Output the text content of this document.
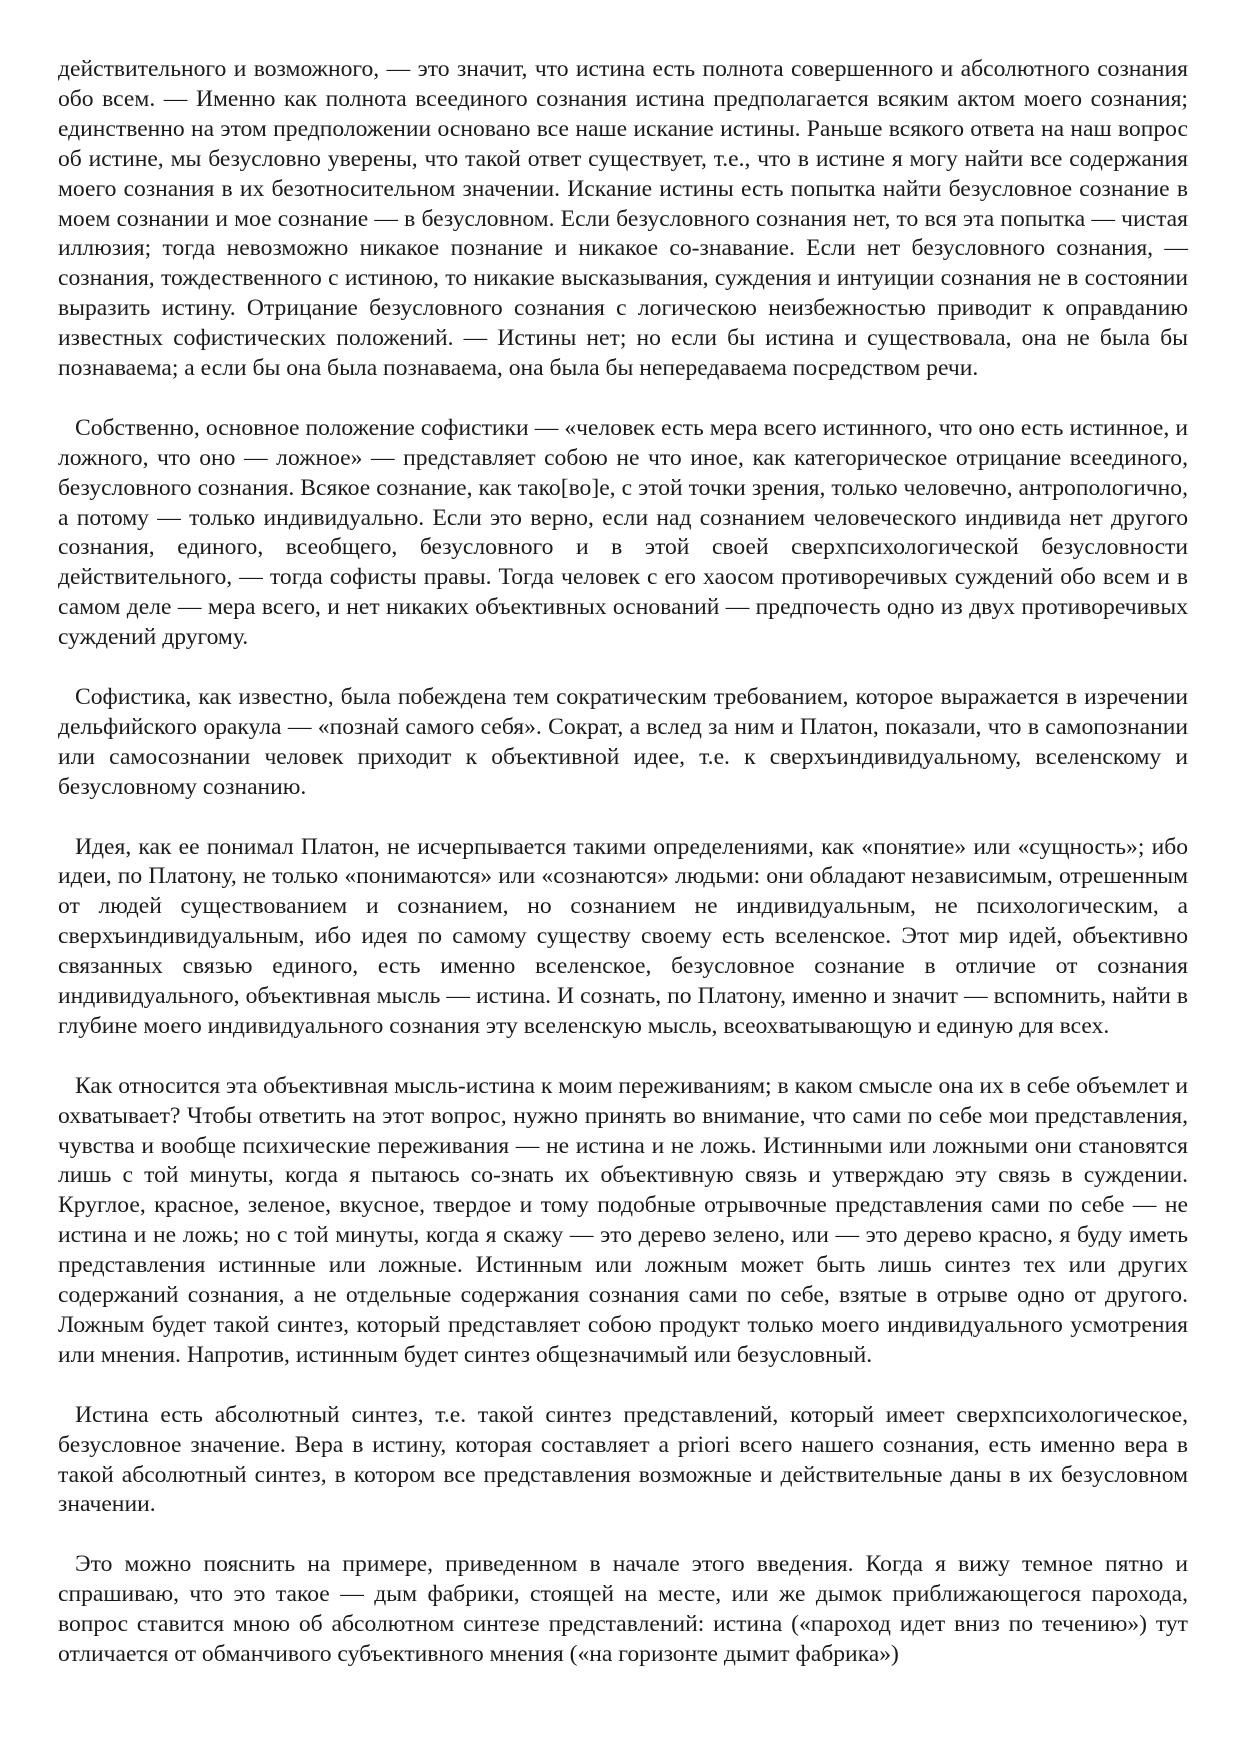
действительного и возможного, — это значит, что истина есть полнота совершенного и абсолютного сознания обо всем. — Именно как полнота всеединого сознания истина предполагается всяким актом моего сознания; единственно на этом предположении основано все наше искание истины. Раньше всякого ответа на наш вопрос об истине, мы безусловно уверены, что такой ответ существует, т.е., что в истине я могу найти все содержания моего сознания в их безотносительном значении. Искание истины есть попытка найти безусловное сознание в моем сознании и мое сознание — в безусловном. Если безусловного сознания нет, то вся эта попытка — чистая иллюзия; тогда невозможно никакое познание и никакое со-знавание. Если нет безусловного сознания, — сознания, тождественного с истиною, то никакие высказывания, суждения и интуиции сознания не в состоянии выразить истину. Отрицание безусловного сознания с логическою неизбежностью приводит к оправданию известных софистических положений. — Истины нет; но если бы истина и существовала, она не была бы познаваема; а если бы она была познаваема, она была бы непередаваема посредством речи.

Собственно, основное положение софистики — «человек есть мера всего истинного, что оно есть истинное, и ложного, что оно — ложное» — представляет собою не что иное, как категорическое отрицание всеединого, безусловного сознания. Всякое сознание, как тако[во]е, с этой точки зрения, только человечно, антропологично, а потому — только индивидуально. Если это верно, если над сознанием человеческого индивида нет другого сознания, единого, всеобщего, безусловного и в этой своей сверхпсихологической безусловности действительного, — тогда софисты правы. Тогда человек с его хаосом противоречивых суждений обо всем и в самом деле — мера всего, и нет никаких объективных оснований — предпочесть одно из двух противоречивых суждений другому.

Софистика, как известно, была побеждена тем сократическим требованием, которое выражается в изречении дельфийского оракула — «познай самого себя». Сократ, а вслед за ним и Платон, показали, что в самопознании или самосознании человек приходит к объективной идее, т.е. к сверхъиндивидуальному, вселенскому и безусловному сознанию.

Идея, как ее понимал Платон, не исчерпывается такими определениями, как «понятие» или «сущность»; ибо идеи, по Платону, не только «понимаются» или «сознаются» людьми: они обладают независимым, отрешенным от людей существованием и сознанием, но сознанием не индивидуальным, не психологическим, а сверхъиндивидуальным, ибо идея по самому существу своему есть вселенское. Этот мир идей, объективно связанных связью единого, есть именно вселенское, безусловное сознание в отличие от сознания индивидуального, объективная мысль — истина. И сознать, по Платону, именно и значит — вспомнить, найти в глубине моего индивидуального сознания эту вселенскую мысль, всеохватывающую и единую для всех.

Как относится эта объективная мысль-истина к моим переживаниям; в каком смысле она их в себе объемлет и охватывает? Чтобы ответить на этот вопрос, нужно принять во внимание, что сами по себе мои представления, чувства и вообще психические переживания — не истина и не ложь. Истинными или ложными они становятся лишь с той минуты, когда я пытаюсь со-знать их объективную связь и утверждаю эту связь в суждении. Круглое, красное, зеленое, вкусное, твердое и тому подобные отрывочные представления сами по себе — не истина и не ложь; но с той минуты, когда я скажу — это дерево зелено, или — это дерево красно, я буду иметь представления истинные или ложные. Истинным или ложным может быть лишь синтез тех или других содержаний сознания, а не отдельные содержания сознания сами по себе, взятые в отрыве одно от другого. Ложным будет такой синтез, который представляет собою продукт только моего индивидуального усмотрения или мнения. Напротив, истинным будет синтез общезначимый или безусловный.

Истина есть абсолютный синтез, т.е. такой синтез представлений, который имеет сверхпсихологическое, безусловное значение. Вера в истину, которая составляет a priori всего нашего сознания, есть именно вера в такой абсолютный синтез, в котором все представления возможные и действительные даны в их безусловном значении.

Это можно пояснить на примере, приведенном в начале этого введения. Когда я вижу темное пятно и спрашиваю, что это такое — дым фабрики, стоящей на месте, или же дымок приближающегося парохода, вопрос ставится мною об абсолютном синтезе представлений: истина («пароход идет вниз по течению») тут отличается от обманчивого субъективного мнения («на горизонте дымит фабрика»)
